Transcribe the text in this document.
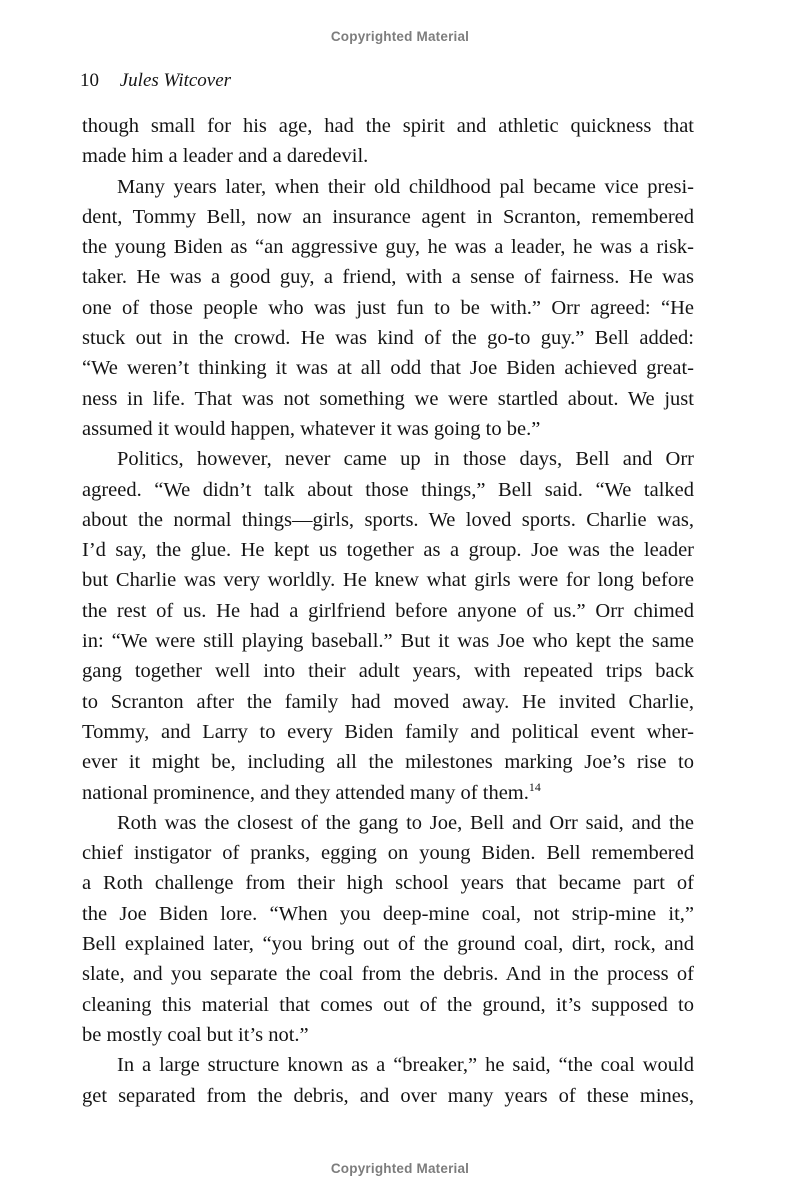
Copyrighted Material
10 Jules Witcover
though small for his age, had the spirit and athletic quickness that
made him a leader and a daredevil.
Many years later, when their old childhood pal became vice presi-
dent, Tommy Bell, now an insurance agent in Scranton, remembered
the young Biden as “an aggressive guy, he was a leader, he was a risk-
taker. He was a good guy, a friend, with a sense of fairness. He was
one of those people who was just fun to be with.” Orr agreed: “He
stuck out in the crowd. He was kind of the go-to guy.” Bell added:
“We weren’t thinking it was at all odd that Joe Biden achieved great-
ness in life. That was not something we were startled about. We just
assumed it would happen, whatever it was going to be.”
Politics, however, never came up in those days, Bell and Orr
agreed. “We didn’t talk about those things,” Bell said. “We talked
about the normal things—girls, sports. We loved sports. Charlie was,
I’d say, the glue. He kept us together as a group. Joe was the leader
but Charlie was very worldly. He knew what girls were for long before
the rest of us. He had a girlfriend before anyone of us.” Orr chimed
in: “We were still playing baseball.” But it was Joe who kept the same
gang together well into their adult years, with repeated trips back
to Scranton after the family had moved away. He invited Charlie,
Tommy, and Larry to every Biden family and political event wher-
ever it might be, including all the milestones marking Joe’s rise to
national prominence, and they attended many of them.$^{14}$
Roth was the closest of the gang to Joe, Bell and Orr said, and the
chief instigator of pranks, egging on young Biden. Bell remembered
a Roth challenge from their high school years that became part of
the Joe Biden lore. “When you deep-mine coal, not strip-mine it,”
Bell explained later, “you bring out of the ground coal, dirt, rock, and
slate, and you separate the coal from the debris. And in the process of
cleaning this material that comes out of the ground, it’s supposed to
be mostly coal but it’s not.”
In a large structure known as a “breaker,” he said, “the coal would
get separated from the debris, and over many years of these mines,
Copyrighted Material
